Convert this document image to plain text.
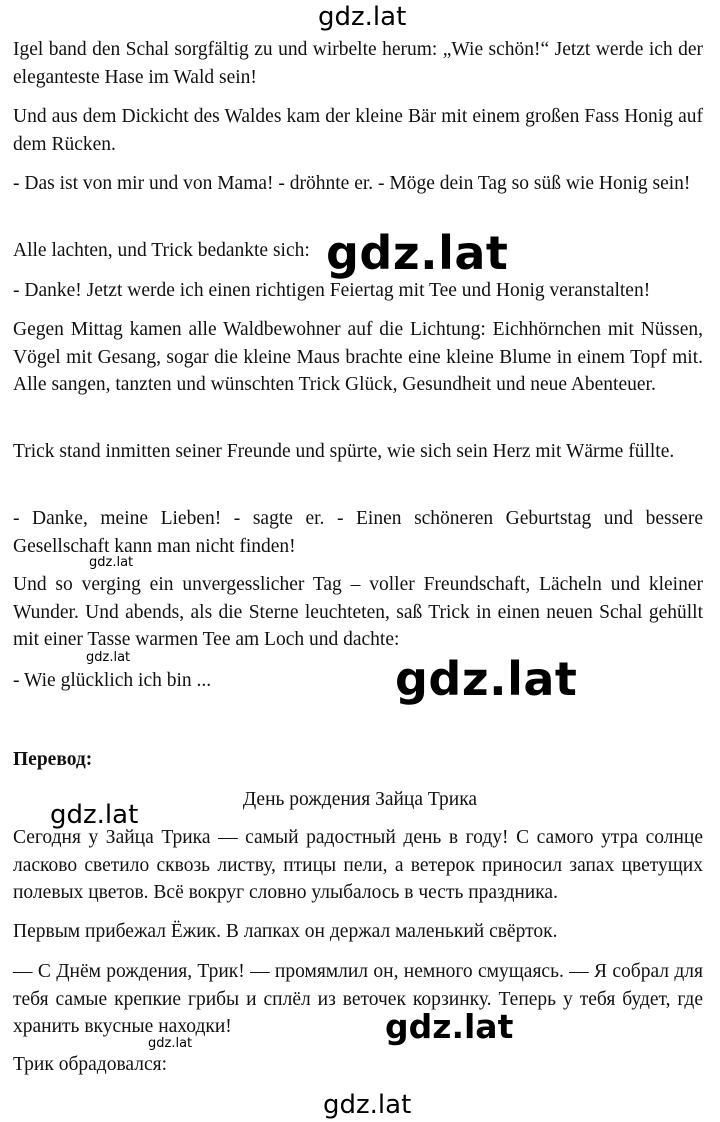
gdz.lat

Igel band den Schal sorgfältig zu und wirbelte herum: „Wie schön!“ Jetzt werde ich der eleganteste Hase im Wald sein!

Und aus dem Dickicht des Waldes kam der kleine Bär mit einem großen Fass Honig auf dem Rücken.

- Das ist von mir und von Mama! - dröhnte er. - Möge dein Tag so süß wie Honig sein!

Alle lachten, und Trick bedankte sich:

- Danke! Jetzt werde ich einen richtigen Feiertag mit Tee und Honig veranstalten!

Gegen Mittag kamen alle Waldbewohner auf die Lichtung: Eichhörnchen mit Nüssen, Vögel mit Gesang, sogar die kleine Maus brachte eine kleine Blume in einem Topf mit. Alle sangen, tanzten und wünschten Trick Glück, Gesundheit und neue Abenteuer.

Trick stand inmitten seiner Freunde und spürte, wie sich sein Herz mit Wärme füllte.

- Danke, meine Lieben! - sagte er. - Einen schöneren Geburtstag und bessere Gesellschaft kann man nicht finden!

Und so verging ein unvergesslicher Tag – voller Freundschaft, Lächeln und kleiner Wunder. Und abends, als die Sterne leuchteten, saß Trick in einen neuen Schal gehüllt mit einer Tasse warmen Tee am Loch und dachte:

- Wie glücklich ich bin ...

Перевод:

День рождения Зайца Трика

Сегодня у Зайца Трика — самый радостный день в году! С самого утра солнце ласково светило сквозь листву, птицы пели, а ветерок приносил запах цветущих полевых цветов. Всё вокруг словно улыбалось в честь праздника.

Первым прибежал Ёжик. В лапках он держал маленький свёрток.

— С Днём рождения, Трик! — промямлил он, немного смущаясь. — Я собрал для тебя самые крепкие грибы и сплёл из веточек корзинку. Теперь у тебя будет, где хранить вкусные находки!

Трик обрадовался:

gdz.lat
gdz.lat
gdz.lat	gdz.lat
gdz.lat
gdz.lat
gdz.lat
gdz.lat
